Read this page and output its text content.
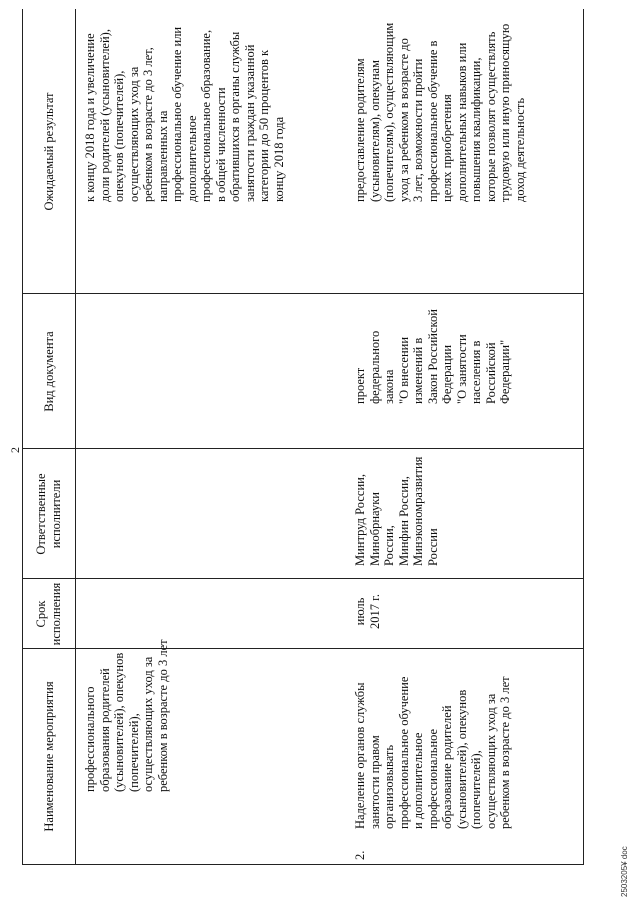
2
Наименование мероприятия
Срок исполнения
Ответственные исполнители
Вид документа
Ожидаемый результат
профессионального образования родителей (усыновителей), опекунов (попечителей), осуществляющих уход за ребенком в возрасте до 3 лет
к концу 2018 года и увеличение доли родителей (усыновителей), опекунов (попечителей), осуществляющих уход за ребенком в возрасте до 3 лет, направленных на профессиональное обучение или дополнительное профессиональное образование, в общей численности обратившихся в органы службы занятости граждан указанной категории до 50 процентов к концу 2018 года
2.
Наделение органов службы занятости правом организовывать профессиональное обучение и дополнительное профессиональное образование родителей (усыновителей), опекунов (попечителей), осуществляющих уход за ребенком в возрасте до 3 лет
июль 2017 г.
Минтруд России, Минобрнауки России, Минфин России, Минэкономразвития России
проект федерального закона "О внесении изменений в Закон Российской Федерации "О занятости населения в Российской Федерации"
предоставление родителям (усыновителям), опекунам (попечителям), осуществляющим уход за ребенком в возрасте до 3 лет, возможности пройти профессиональное обучение в целях приобретения дополнительных навыков или повышения квалификации, которые позволят осуществлять трудовую или иную приносящую доход деятельность
2503205¥ doc
